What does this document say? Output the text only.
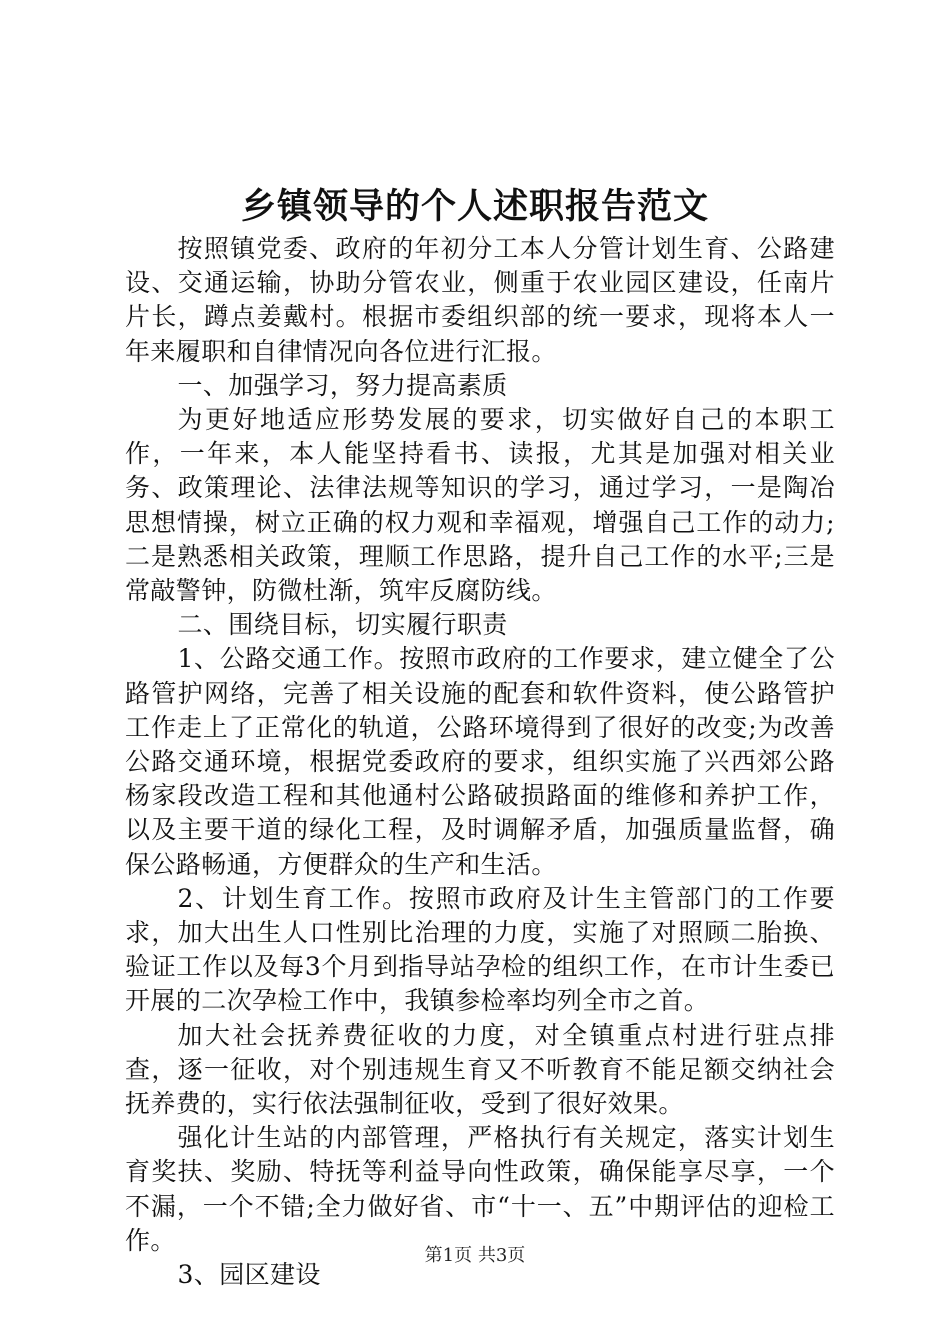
乡镇领导的个人述职报告范文

按照镇党委、政府的年初分工本人分管计划生育、公路建设、交通运输，协助分管农业，侧重于农业园区建设，任南片片长，蹲点姜戴村。根据市委组织部的统一要求，现将本人一年来履职和自律情况向各位进行汇报。

一、加强学习，努力提高素质

为更好地适应形势发展的要求，切实做好自己的本职工作，一年来，本人能坚持看书、读报，尤其是加强对相关业务、政策理论、法律法规等知识的学习，通过学习，一是陶冶思想情操，树立正确的权力观和幸福观，增强自己工作的动力;二是熟悉相关政策，理顺工作思路，提升自己工作的水平;三是常敲警钟，防微杜渐，筑牢反腐防线。

二、围绕目标，切实履行职责

1、公路交通工作。按照市政府的工作要求，建立健全了公路管护网络，完善了相关设施的配套和软件资料，使公路管护工作走上了正常化的轨道，公路环境得到了很好的改变;为改善公路交通环境，根据党委政府的要求，组织实施了兴西郊公路杨家段改造工程和其他通村公路破损路面的维修和养护工作，以及主要干道的绿化工程，及时调解矛盾，加强质量监督，确保公路畅通，方便群众的生产和生活。

2、计划生育工作。按照市政府及计生主管部门的工作要求，加大出生人口性别比治理的力度，实施了对照顾二胎换、验证工作以及每3个月到指导站孕检的组织工作，在市计生委已开展的二次孕检工作中，我镇参检率均列全市之首。

加大社会抚养费征收的力度，对全镇重点村进行驻点排查，逐一征收，对个别违规生育又不听教育不能足额交纳社会抚养费的，实行依法强制征收，受到了很好效果。

强化计生站的内部管理，严格执行有关规定，落实计划生育奖扶、奖励、特抚等利益导向性政策，确保能享尽享，一个不漏，一个不错;全力做好省、市“十一、五”中期评估的迎检工作。

3、园区建设

第1页 共3页
